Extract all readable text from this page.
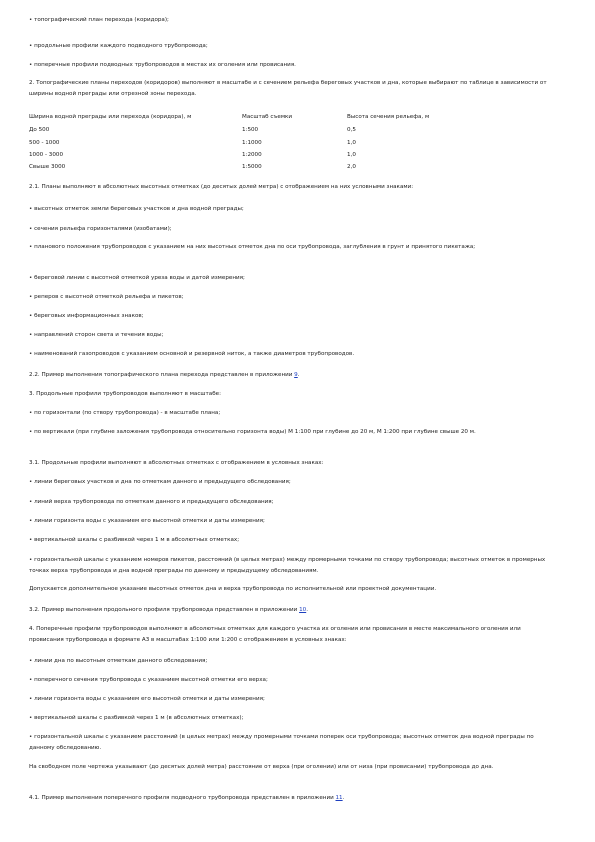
• топографический план перехода (коридора);
• продольные профили каждого подводного трубопровода;
• поперечные профили подводных трубопроводов в местах их оголения или провисания.
2. Топографические планы переходов (коридоров) выполняют в масштабе и с сечением рельефа береговых участков и дна, которые выбирают по таблице в зависимости от ширины водной преграды или отрезной зоны перехода.
Ширина водной преграды или перехода (коридора), м	Масштаб съемки	Высота сечения рельефа, м
До 500	1:500	0,5
500 - 1000	1:1000	1,0
1000 - 3000	1:2000	1,0
Свыше 3000	1:5000	2,0
2.1. Планы выполняют в абсолютных высотных отметках (до десятых долей метра) с отображением на них условными знаками:
• высотных отметок земли береговых участков и дна водной преграды;
• сечения рельефа горизонталями (изобатами);
• планового положения трубопроводов с указанием на них высотных отметок дна по оси трубопровода, заглубления в грунт и принятого пикетажа;
• береговой линии с высотной отметкой уреза воды и датой измерения;
• реперов с высотной отметкой рельефа и пикетов;
• береговых информационных знаков;
• направлений сторон света и течения воды;
• наименований газопроводов с указанием основной и резервной ниток, а также диаметров трубопроводов.
2.2. Пример выполнения топографического плана перехода представлен в приложении 9.
3. Продольные профили трубопроводов выполняют в масштабе:
• по горизонтали (по створу трубопровода) - в масштабе плана;
• по вертикали (при глубине заложения трубопровода относительно горизонта воды) М 1:100 при глубине до 20 м, М 1:200 при глубине свыше 20 м.
3.1. Продольные профили выполняют в абсолютных отметках с отображением в условных знаках:
• линии береговых участков и дна по отметкам данного и предыдущего обследования;
• линий верха трубопровода по отметкам данного и предыдущего обследования;
• линии горизонта воды с указанием его высотной отметки и даты измерения;
• вертикальной шкалы с разбивкой через 1 м в абсолютных отметках;
• горизонтальной шкалы с указанием номеров пикетов, расстояний (в целых метрах) между промерными точками по створу трубопровода; высотных отметок в промерных точках верха трубопровода и дна водной преграды по данному и предыдущему обследованиям.
Допускается дополнительное указание высотных отметок дна и верха трубопровода по исполнительной или проектной документации.
3.2. Пример выполнения продольного профиля трубопровода представлен в приложении 10.
4. Поперечные профили трубопроводов выполняют в абсолютных отметках для каждого участка их оголения или провисания в месте максимального оголения или провисания трубопровода в формате А3 в масштабах 1:100 или 1:200 с отображением в условных знаках:
• линии дна по высотным отметкам данного обследования;
• поперечного сечения трубопровода с указанием высотной отметки его верха;
• линии горизонта воды с указанием его высотной отметки и даты измерения;
• вертикальной шкалы с разбивкой через 1 м (в абсолютных отметках);
• горизонтальной шкалы с указанием расстояний (в целых метрах) между промерными точками поперек оси трубопровода; высотных отметок дна водной преграды по данному обследованию.
На свободном поле чертежа указывают (до десятых долей метра) расстояние от верха (при оголении) или от низа (при провисании) трубопровода до дна.
4.1. Пример выполнения поперечного профиля подводного трубопровода представлен в приложении 11.
